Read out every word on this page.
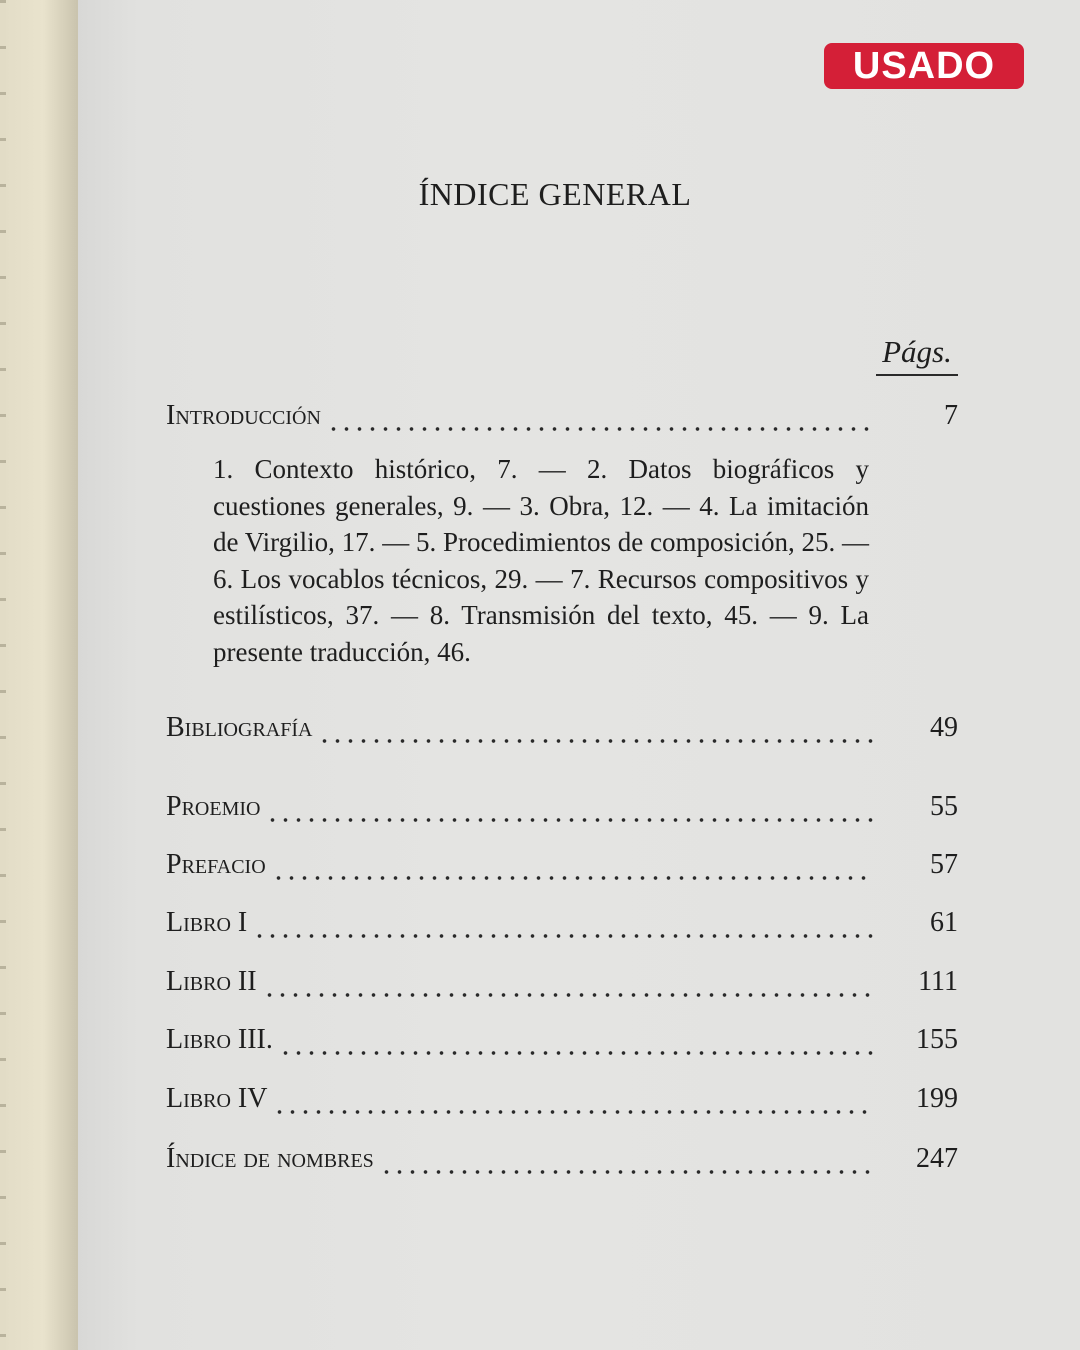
USADO
ÍNDICE GENERAL
Págs.
Introducción	7
1. Contexto histórico, 7. — 2. Datos biográficos y cuestiones generales, 9. — 3. Obra, 12. — 4. La imitación de Virgilio, 17. — 5. Procedimientos de composición, 25. — 6. Los vocablos técnicos, 29. — 7. Recursos compositivos y estilísticos, 37. — 8. Transmisión del texto, 45. — 9. La presente traducción, 46.
Bibliografía	49
Proemio	55
Prefacio	57
Libro I	61
Libro II	111
Libro III.	155
Libro IV	199
Índice de nombres	247
